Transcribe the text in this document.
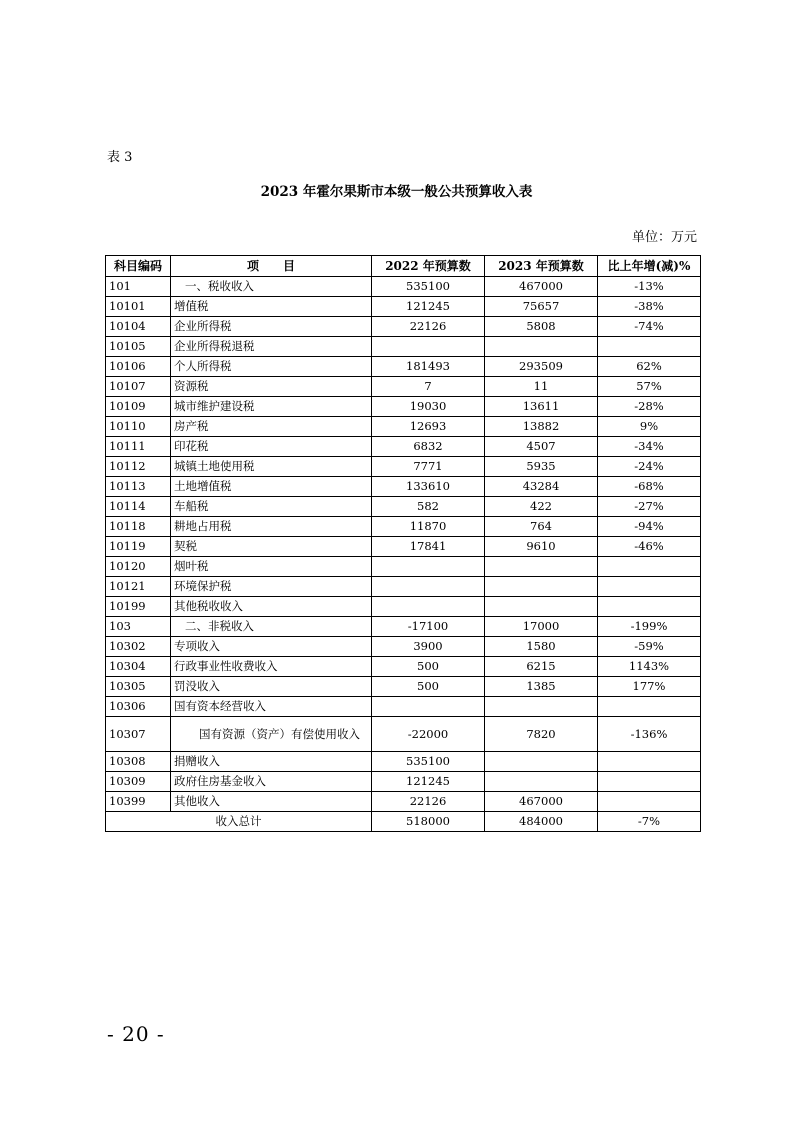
表 3
2023 年霍尔果斯市本级一般公共预算收入表
单位：万元
科目编码	项　　目	2022 年预算数	2023 年预算数	比上年增(减)%
101	一、税收收入	535100	467000	-13%
10101	增值税	121245	75657	-38%
10104	企业所得税	22126	5808	-74%
10105	企业所得税退税			
10106	个人所得税	181493	293509	62%
10107	资源税	7	11	57%
10109	城市维护建设税	19030	13611	-28%
10110	房产税	12693	13882	9%
10111	印花税	6832	4507	-34%
10112	城镇土地使用税	7771	5935	-24%
10113	土地增值税	133610	43284	-68%
10114	车船税	582	422	-27%
10118	耕地占用税	11870	764	-94%
10119	契税	17841	9610	-46%
10120	烟叶税			
10121	环境保护税			
10199	其他税收收入			
103	二、非税收入	-17100	17000	-199%
10302	专项收入	3900	1580	-59%
10304	行政事业性收费收入	500	6215	1143%
10305	罚没收入	500	1385	177%
10306	国有资本经营收入			
10307	国有资源（资产）有偿使用收入	-22000	7820	-136%
10308	捐赠收入	535100		
10309	政府住房基金收入	121245		
10399	其他收入	22126	467000	
收入总计		518000	484000	-7%
- 20 -
